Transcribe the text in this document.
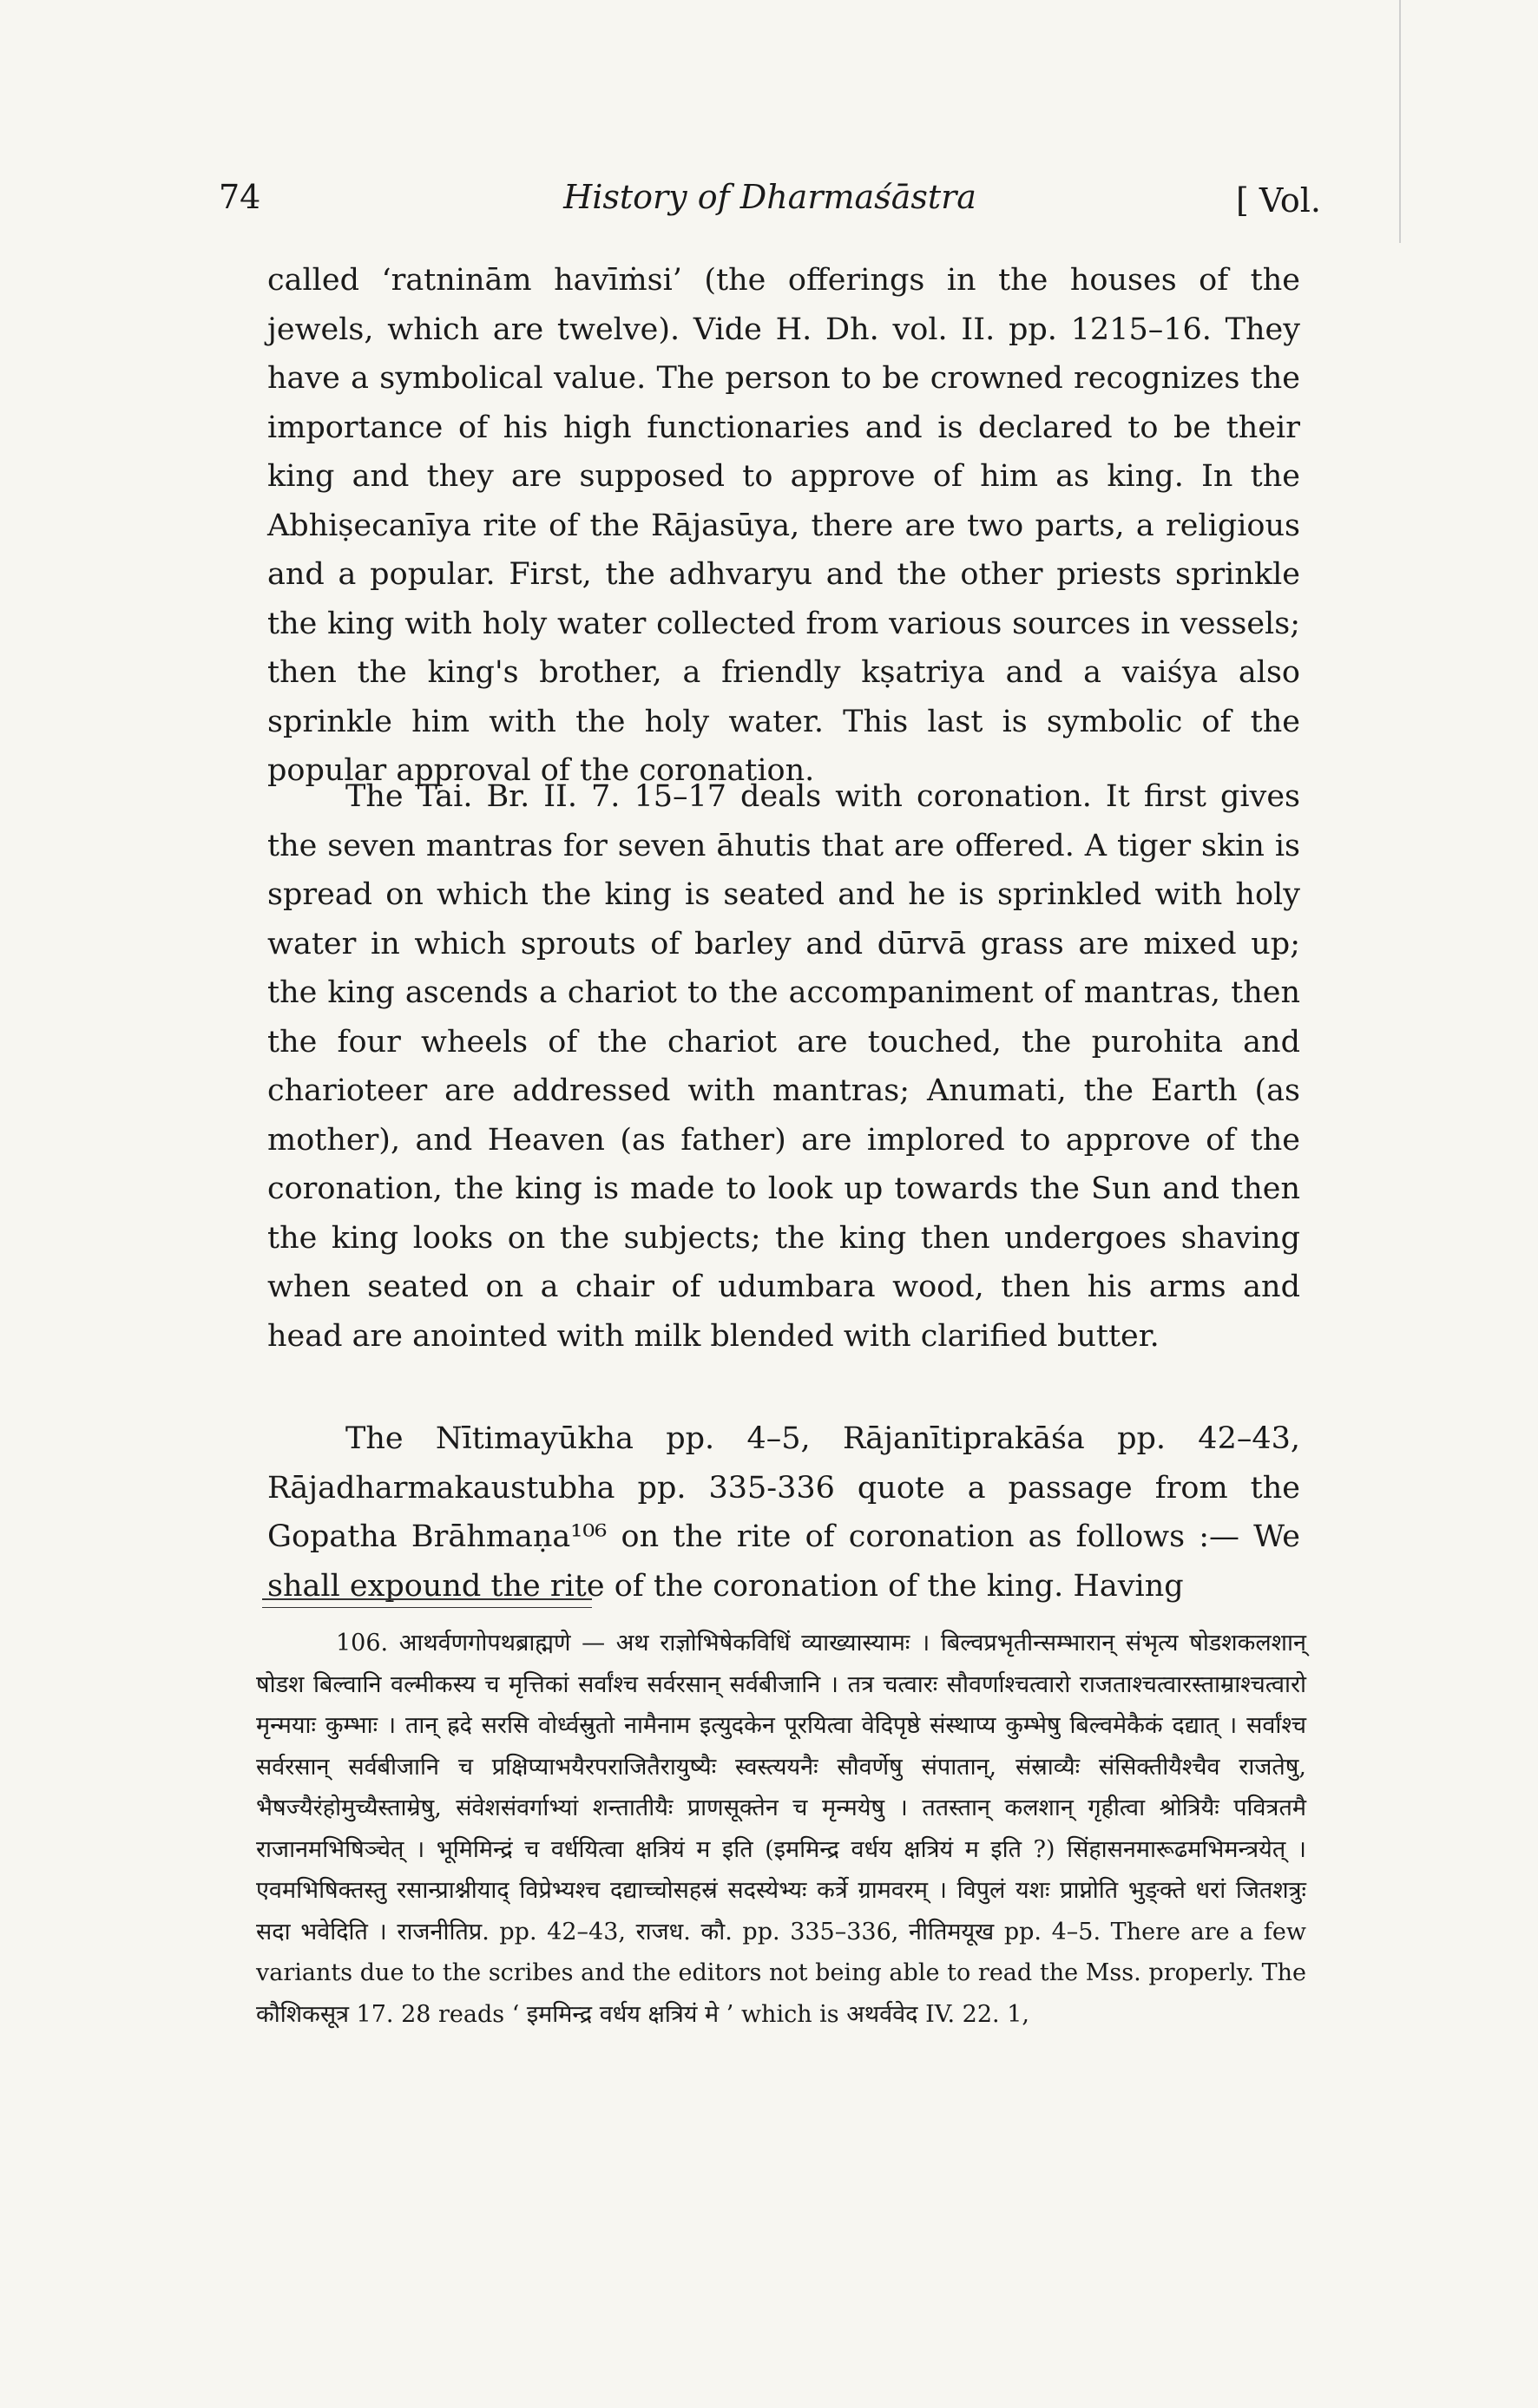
74	History of Dharmaśāstra	[ Vol.

called ‘ratninām havīṁsi’ (the offerings in the houses of the jewels, which are twelve). Vide H. Dh. vol. II. pp. 1215–16. They have a symbolical value. The person to be crowned recognizes the importance of his high functionaries and is declared to be their king and they are supposed to approve of him as king. In the Abhiṣecanīya rite of the Rājasūya, there are two parts, a religious and a popular. First, the adhvaryu and the other priests sprinkle the king with holy water collected from various sources in vessels; then the king's brother, a friendly kṣatriya and a vaiśya also sprinkle him with the holy water. This last is symbolic of the popular approval of the coronation.

The Tai. Br. II. 7. 15–17 deals with coronation. It first gives the seven mantras for seven āhutis that are offered. A tiger skin is spread on which the king is seated and he is sprinkled with holy water in which sprouts of barley and dūrvā grass are mixed up; the king ascends a chariot to the accompaniment of mantras, then the four wheels of the chariot are touched, the purohita and charioteer are addressed with mantras; Anumati, the Earth (as mother), and Heaven (as father) are implored to approve of the coronation, the king is made to look up towards the Sun and then the king looks on the subjects; the king then undergoes shaving when seated on a chair of udumbara wood, then his arms and head are anointed with milk blended with clarified butter.

The Nītimayūkha pp. 4–5, Rājanītiprakāśa pp. 42–43, Rājadharmakaustubha pp. 335-336 quote a passage from the Gopatha Brāhmaṇa¹⁰⁶ on the rite of coronation as follows :— We shall expound the rite of the coronation of the king. Having

106. आथर्वणगोपथब्राह्मणे — अथ राज्ञोभिषेकविधिं व्याख्यास्यामः । बिल्वप्रभृतीन्सम्भारान् संभृत्य षोडशकलशान् षोडश बिल्वानि वल्मीकस्य च मृत्तिकां सर्वांश्च सर्वरसान् सर्वबीजानि । तत्र चत्वारः सौवर्णाश्चत्वारो राजताश्चत्वारस्ताम्राश्चत्वारो मृन्मयाः कुम्भाः । तान् ह्रदे सरसि वोर्ध्वस्रुतो नामैनाम इत्युदकेन पूरयित्वा वेदिपृष्ठे संस्थाप्य कुम्भेषु बिल्वमेकैकं दद्यात् । सर्वांश्च सर्वरसान् सर्वबीजानि च प्रक्षिप्याभयैरपराजितैरायुष्यैः स्वस्त्ययनैः सौवर्णेषु संपातान्, संस्राव्यैः संसिक्तीयैश्चैव राजतेषु, भैषज्यैरंहोमुच्यैस्ताम्रेषु, संवेशसंवर्गाभ्यां शन्तातीयैः प्राणसूक्तेन च मृन्मयेषु । ततस्तान् कलशान् गृहीत्वा श्रोत्रियैः पवित्रतमै राजानमभिषिञ्चेत् । भूमिमिन्द्रं च वर्धयित्वा क्षत्रियं म इति (इममिन्द्र वर्धय क्षत्रियं म इति ?) सिंहासनमारूढमभिमन्त्रयेत् । एवमभिषिक्तस्तु रसान्प्राश्नीयाद् विप्रेभ्यश्च दद्याच्चोसहस्रं सदस्येभ्यः कर्त्रे ग्रामवरम् । विपुलं यशः प्राप्नोति भुङ्क्ते धरां जितशत्रुः सदा भवेदिति । राजनीतिप्र. pp. 42–43, राजध. कौ. pp. 335–336, नीतिमयूख pp. 4–5. There are a few variants due to the scribes and the editors not being able to read the Mss. properly. The कौशिकसूत्र 17. 28 reads ‘ इममिन्द्र वर्धय क्षत्रियं मे ’ which is अथर्ववेद IV. 22. 1,
